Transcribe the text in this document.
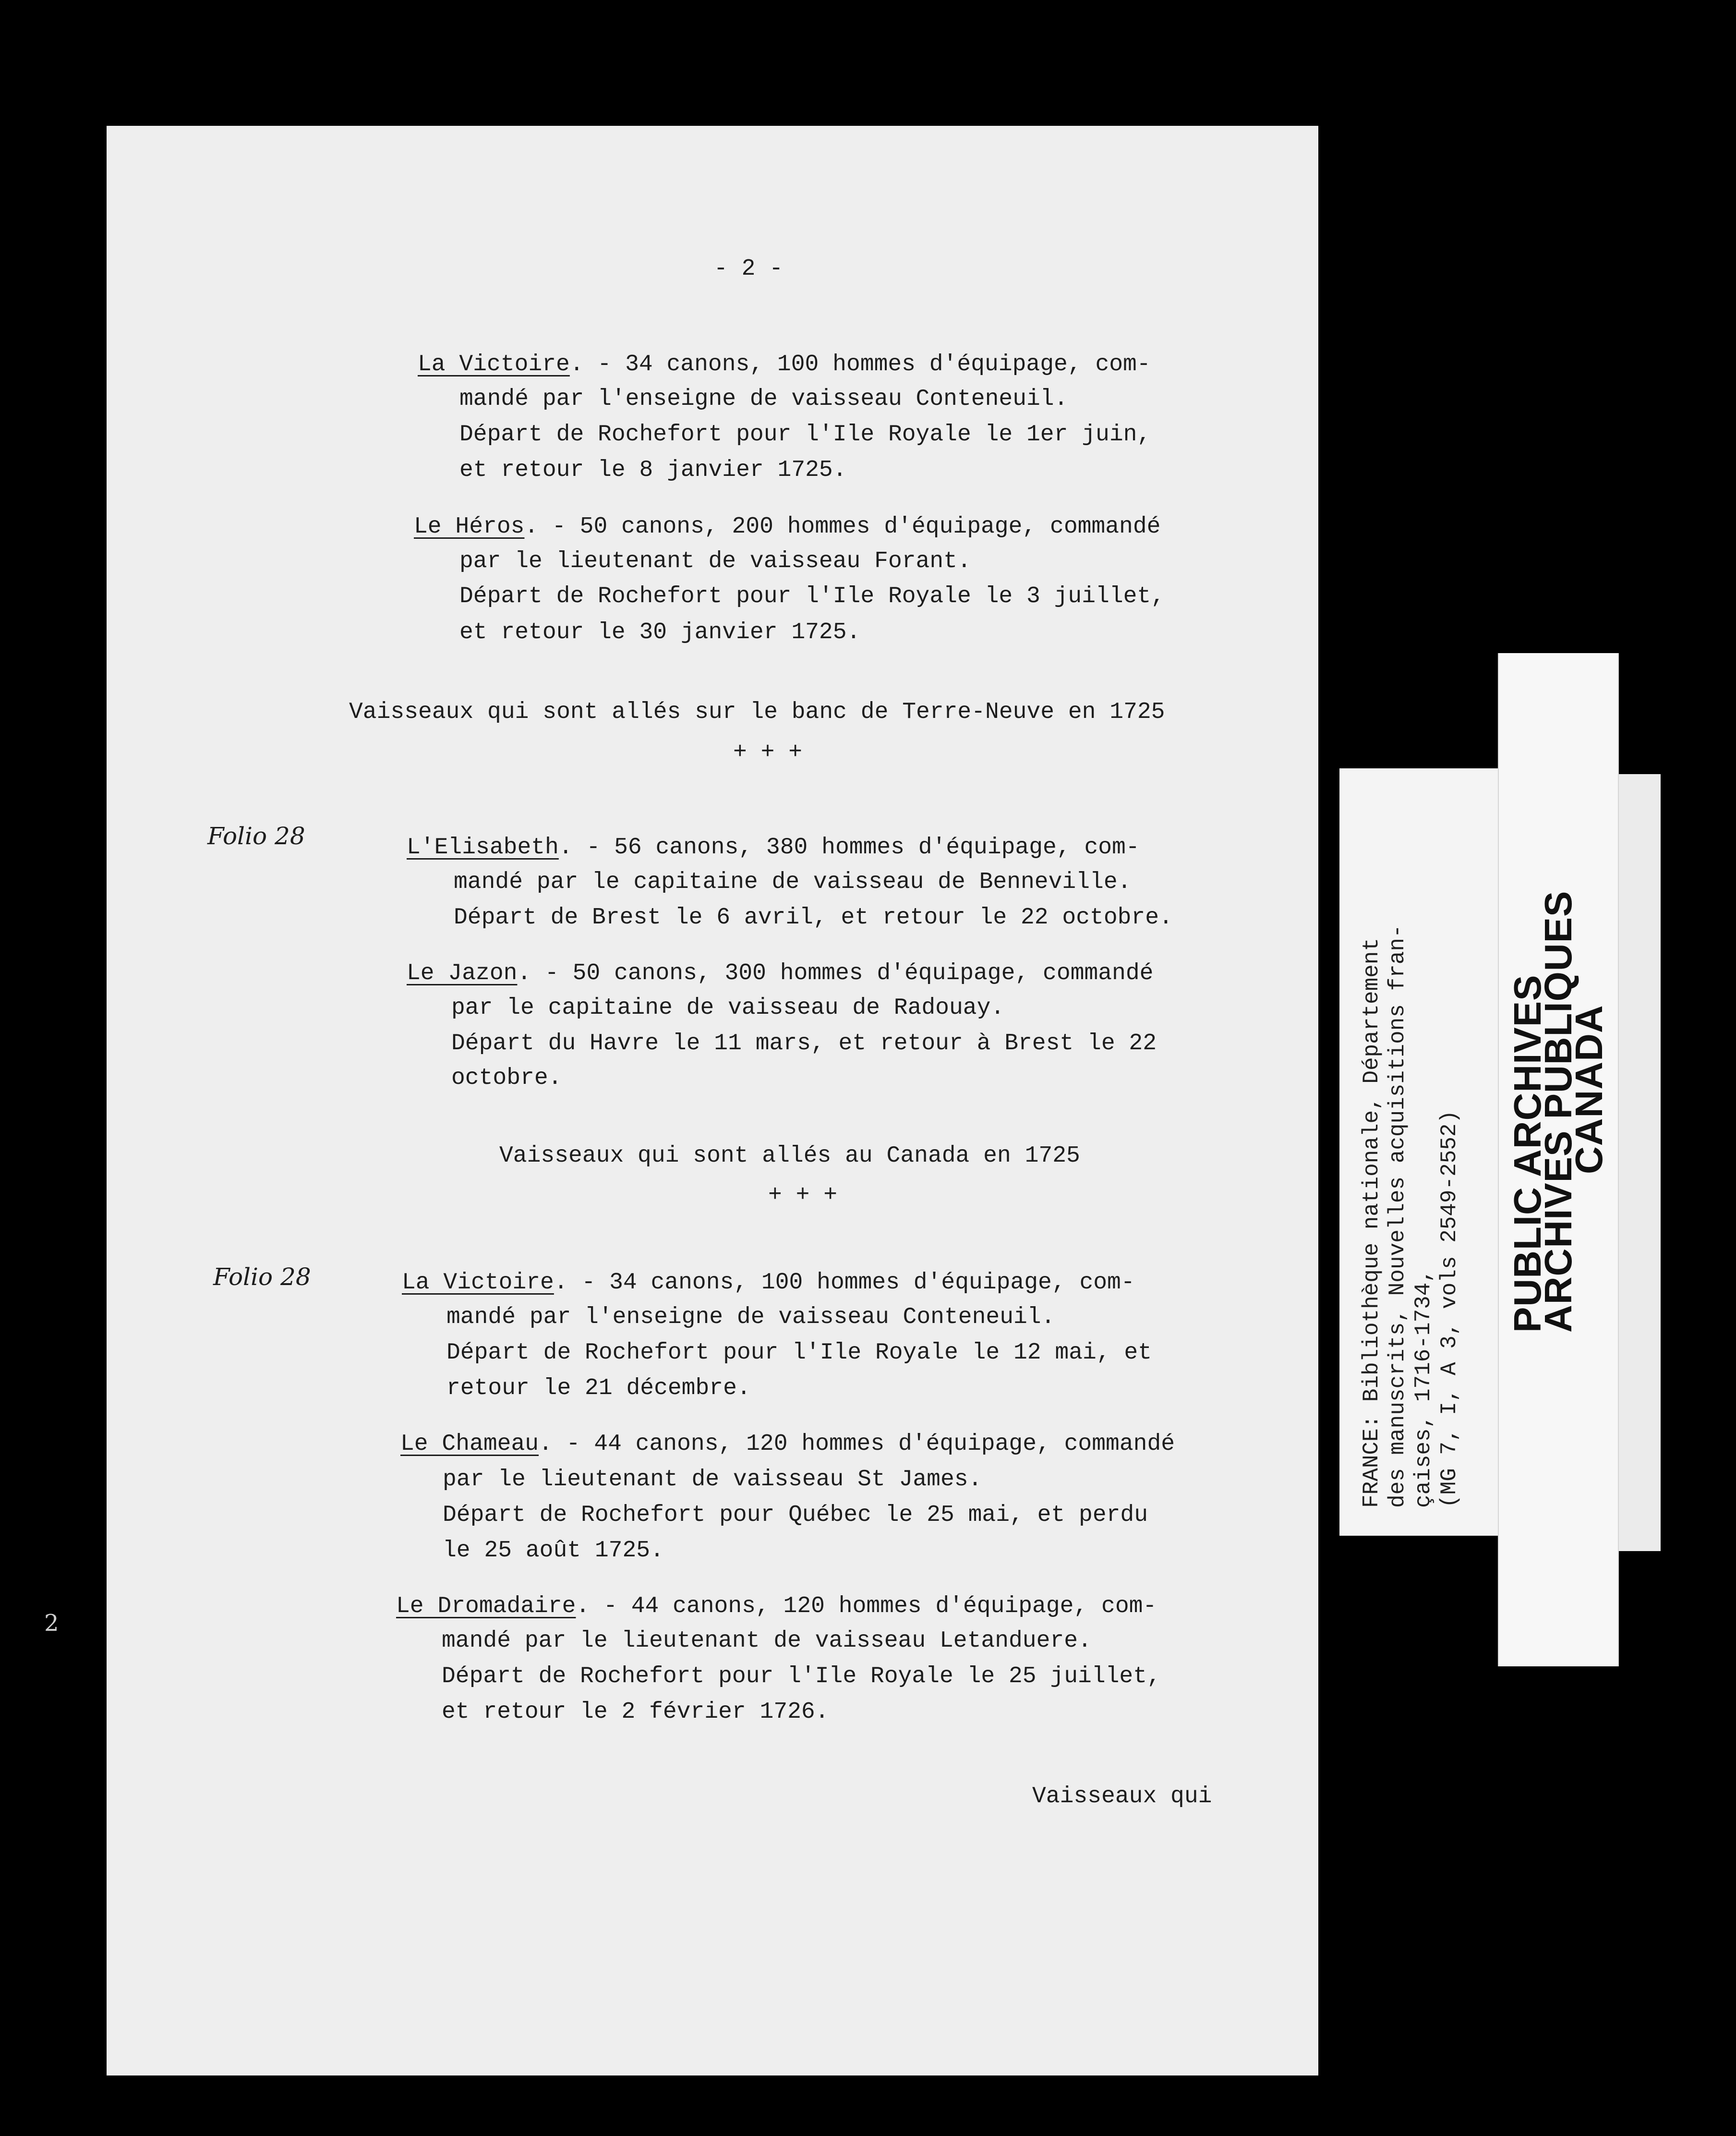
- 2 -
La Victoire. - 34 canons, 100 hommes d'équipage, com-
mandé par l'enseigne de vaisseau Conteneuil.
Départ de Rochefort pour l'Ile Royale le 1er juin,
et retour le 8 janvier 1725.
Le Héros. - 50 canons, 200 hommes d'équipage, commandé
par le lieutenant de vaisseau Forant.
Départ de Rochefort pour l'Ile Royale le 3 juillet,
et retour le 30 janvier 1725.
Vaisseaux qui sont allés sur le banc de Terre-Neuve en 1725
+ + +
Folio 28	L'Elisabeth. - 56 canons, 380 hommes d'équipage, com-
mandé par le capitaine de vaisseau de Benneville.
Départ de Brest le 6 avril, et retour le 22 octobre.
Le Jazon. - 50 canons, 300 hommes d'équipage, commandé
par le capitaine de vaisseau de Radouay.
Départ du Havre le 11 mars, et retour à Brest le 22
octobre.
Vaisseaux qui sont allés au Canada en 1725
+ + +
Folio 28	La Victoire. - 34 canons, 100 hommes d'équipage, com-
mandé par l'enseigne de vaisseau Conteneuil.
Départ de Rochefort pour l'Ile Royale le 12 mai, et
retour le 21 décembre.
Le Chameau. - 44 canons, 120 hommes d'équipage, commandé
par le lieutenant de vaisseau St James.
Départ de Rochefort pour Québec le 25 mai, et perdu
le 25 août 1725.
Le Dromadaire. - 44 canons, 120 hommes d'équipage, com-
mandé par le lieutenant de vaisseau Letanduere.
Départ de Rochefort pour l'Ile Royale le 25 juillet,
et retour le 2 février 1726.
Vaisseaux qui
2
FRANCE: Bibliothèque nationale, Département des manuscrits, Nouvelles acquisitions fran- çaises, 1716-1734, (MG 7, I, A 3, vols 2549-2552) PUBLIC ARCHIVES
ARCHIVES PUBLIQUES
CANADA
